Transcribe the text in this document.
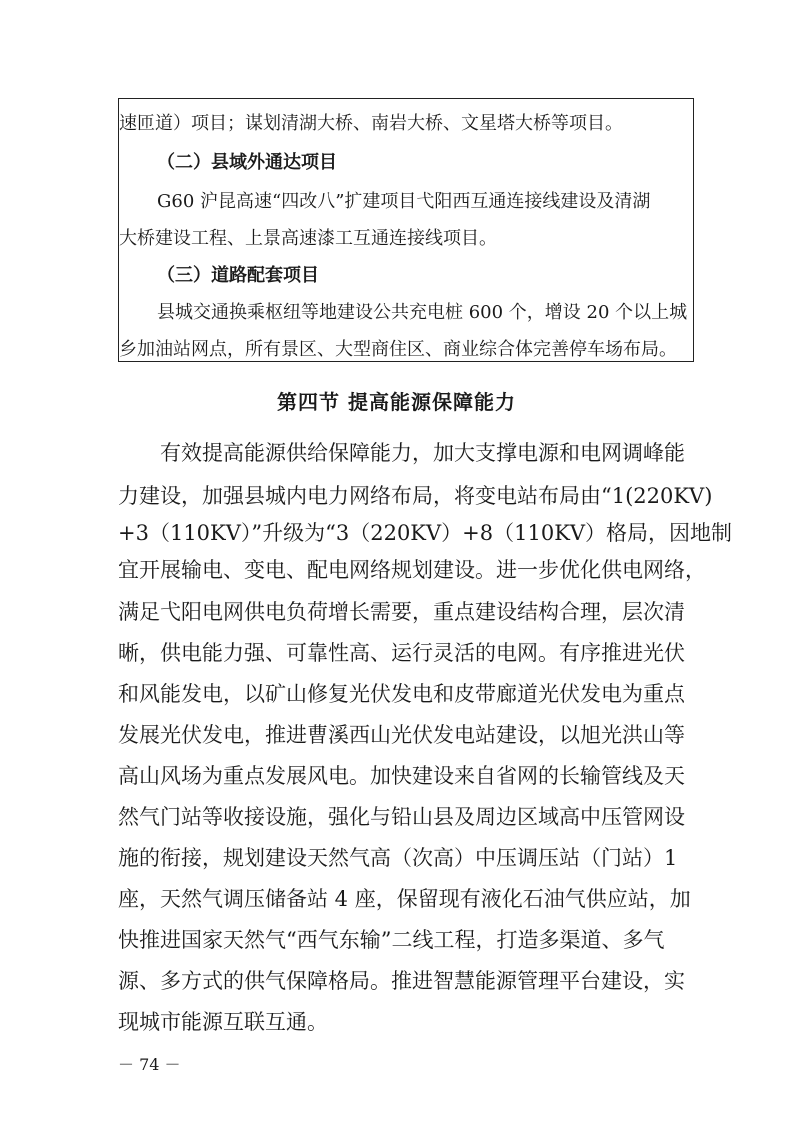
速匝道）项目；谋划清湖大桥、南岩大桥、文星塔大桥等项目。
（二）县域外通达项目
G60 沪昆高速“四改八”扩建项目弋阳西互通连接线建设及清湖
大桥建设工程、上景高速漆工互通连接线项目。
（三）道路配套项目
县城交通换乘枢纽等地建设公共充电桩 600 个，增设 20 个以上城
乡加油站网点，所有景区、大型商住区、商业综合体完善停车场布局。
第四节 提高能源保障能力
有效提高能源供给保障能力，加大支撑电源和电网调峰能
力建设，加强县城内电力网络布局，将变电站布局由“1(220KV)
+3（110KV）”升级为“3（220KV）+8（110KV）格局，因地制
宜开展输电、变电、配电网络规划建设。进一步优化供电网络，
满足弋阳电网供电负荷增长需要，重点建设结构合理，层次清
晰，供电能力强、可靠性高、运行灵活的电网。有序推进光伏
和风能发电，以矿山修复光伏发电和皮带廊道光伏发电为重点
发展光伏发电，推进曹溪西山光伏发电站建设，以旭光洪山等
高山风场为重点发展风电。加快建设来自省网的长输管线及天
然气门站等收接设施，强化与铅山县及周边区域高中压管网设
施的衔接，规划建设天然气高（次高）中压调压站（门站）1
座，天然气调压储备站 4 座，保留现有液化石油气供应站，加
快推进国家天然气“西气东输”二线工程，打造多渠道、多气
源、多方式的供气保障格局。推进智慧能源管理平台建设，实
现城市能源互联互通。
－ 74 －
